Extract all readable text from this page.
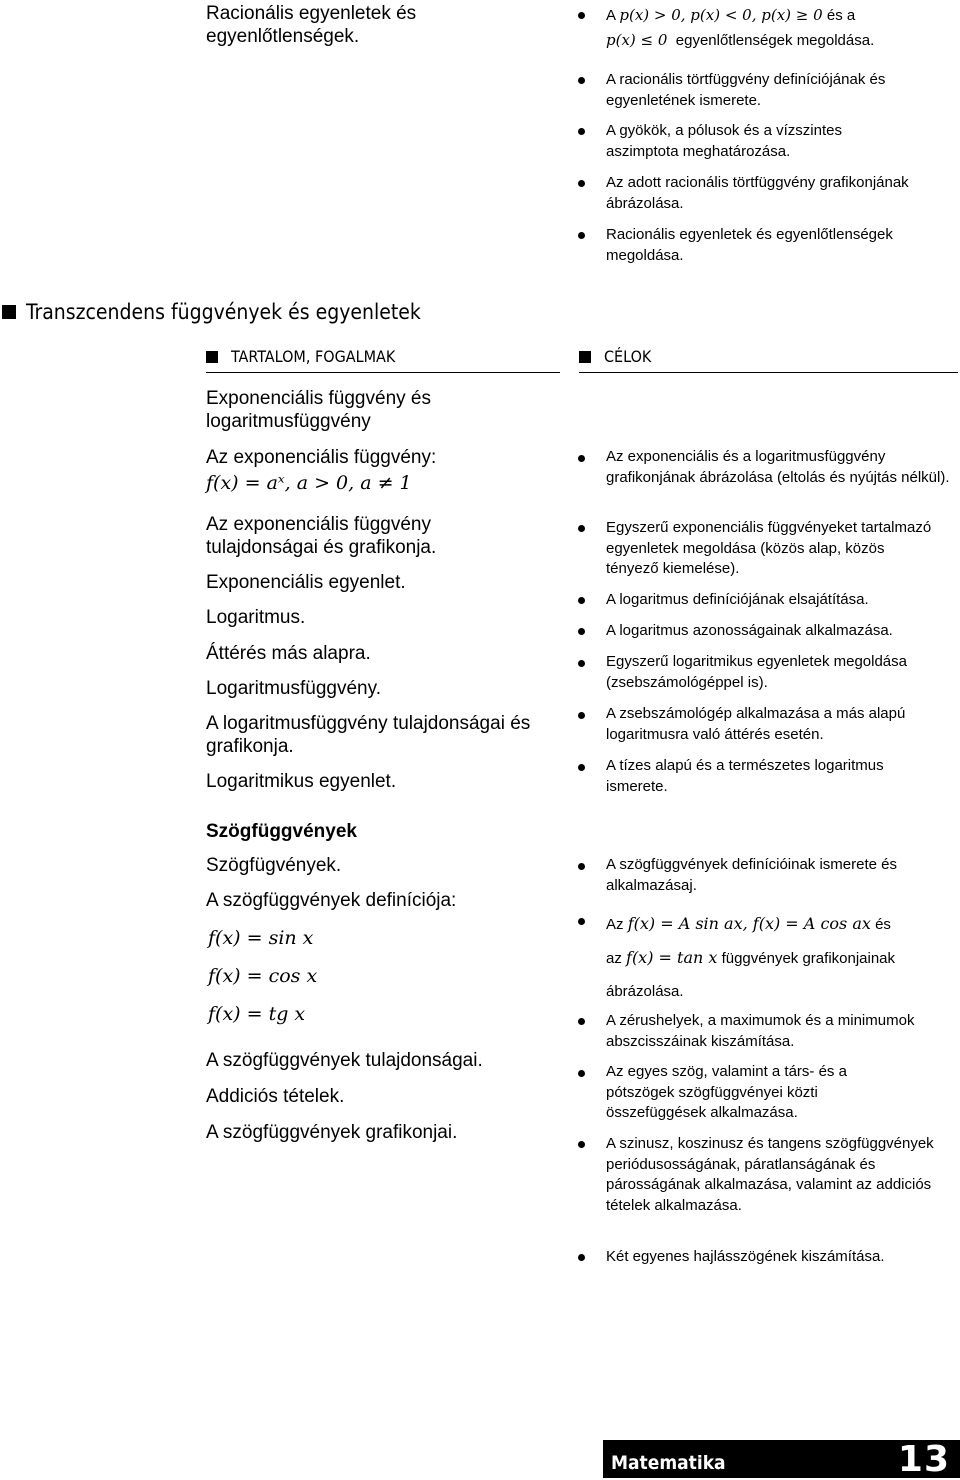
Racionális egyenletek és egyenlőtlenségek.
A p(x) > 0, p(x) < 0, p(x) ≥ 0 és a
p(x) ≤ 0 egyenlőtlenségek megoldása.
A racionális törtfüggvény definíciójának és egyenletének ismerete.
A gyökök, a pólusok és a vízszintes aszimptota meghatározása.
Az adott racionális törtfüggvény grafikonjának ábrázolása.
Racionális egyenletek és egyenlőtlenségek megoldása.
Transzcendens függvények és egyenletek
TARTALOM, FOGALMAK	CÉLOK
Exponenciális függvény és logaritmusfüggvény
Az exponenciális függvény:
f(x) = aˣ, a > 0, a ≠ 1
Az exponenciális függvény tulajdonságai és grafikonja.
Exponenciális egyenlet.
Logaritmus.
Áttérés más alapra.
Logaritmusfüggvény.
A logaritmusfüggvény tulajdonságai és grafikonja.
Logaritmikus egyenlet.
Az exponenciális és a logaritmusfüggvény grafikonjának ábrázolása (eltolás és nyújtás nélkül).
Egyszerű exponenciális függvényeket tartalmazó egyenletek megoldása (közös alap, közös tényező kiemelése).
A logaritmus definíciójának elsajátítása.
A logaritmus azonosságainak alkalmazása.
Egyszerű logaritmikus egyenletek megoldása (zsebszámológéppel is).
A zsebszámológép alkalmazása a más alapú logaritmusra való áttérés esetén.
A tízes alapú és a természetes logaritmus ismerete.
Szögfüggvények
Szögfügvények.
A szögfüggvények definíciója:
f(x) = sin x
f(x) = cos x
f(x) = tg x
A szögfüggvények tulajdonságai.
Addiciós tételek.
A szögfüggvények grafikonjai.
A szögfüggvények definícióinak ismerete és alkalmazásaj.
Az f(x) = A sin ax, f(x) = A cos ax és
az f(x) = tan x függvények grafikonjainak
ábrázolása.
A zérushelyek, a maximumok és a minimumok abszcisszáinak kiszámítása.
Az egyes szög, valamint a társ- és a pótszögek szögfüggvényei közti összefüggések alkalmazása.
A szinusz, koszinusz és tangens szögfüggvények periódusosságának, páratlanságának és párosságának alkalmazása, valamint az addiciós tételek alkalmazása.
Két egyenes hajlásszögének kiszámítása.
Matematika	13
